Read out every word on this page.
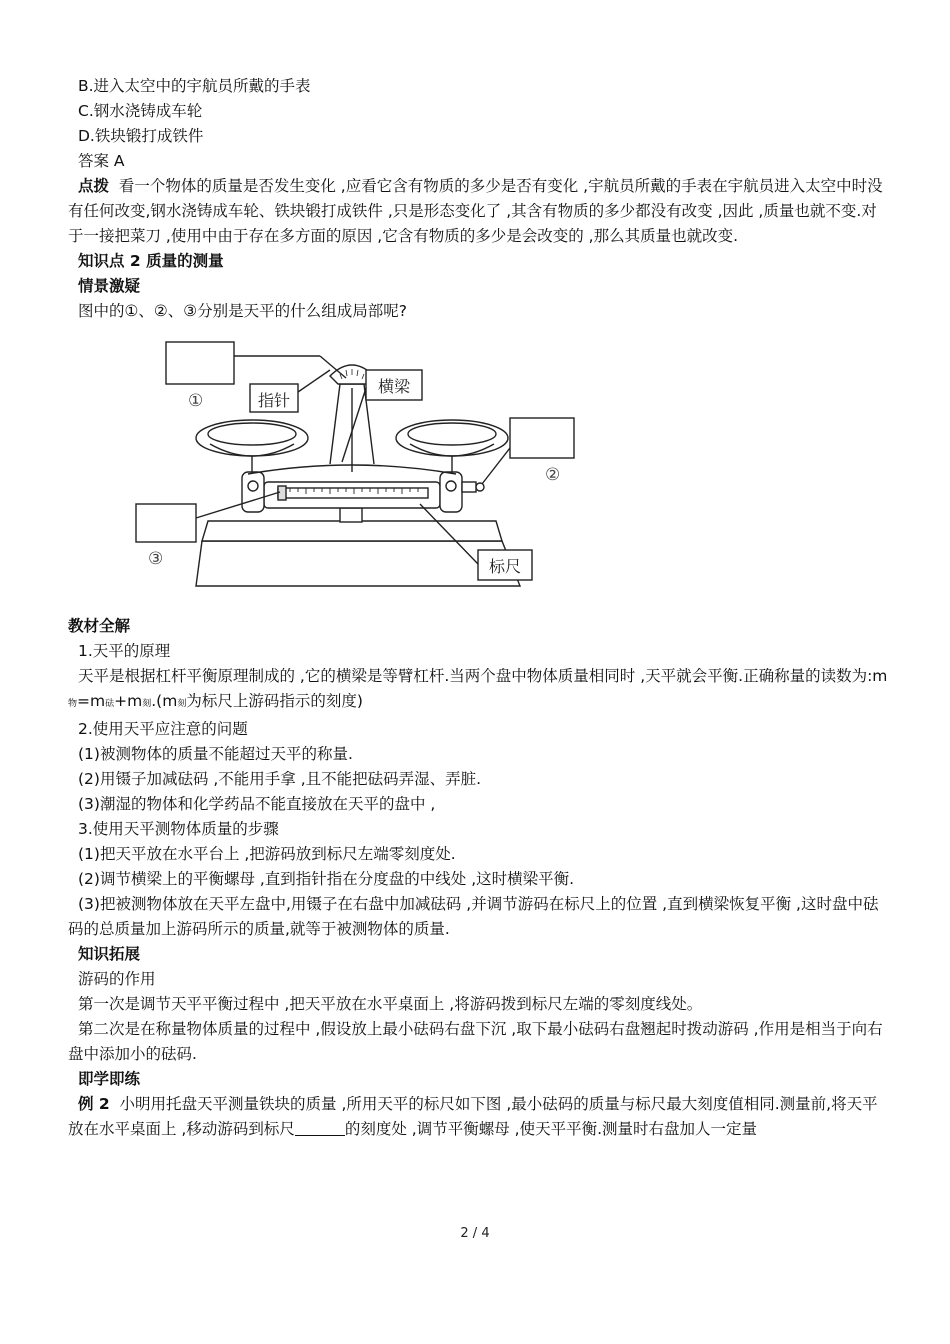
B.进入太空中的宇航员所戴的手表

C.钢水浇铸成车轮

D.铁块锻打成铁件

答案 A

点拨 看一个物体的质量是否发生变化 ,应看它含有物质的多少是否有变化 ,宇航员所戴的手表在宇航员进入太空中时没有任何改变,钢水浇铸成车轮、铁块锻打成铁件 ,只是形态变化了 ,其含有物质的多少都没有改变 ,因此 ,质量也就不变.对于一接把菜刀 ,使用中由于存在多方面的原因 ,它含有物质的多少是会改变的 ,那么其质量也就改变.

知识点 2 质量的测量

情景激疑

图中的①、②、③分别是天平的什么组成局部呢?

指针
横梁
标尺
①
②
③

教材全解

1.天平的原理

天平是根据杠杆平衡原理制成的 ,它的横梁是等臂杠杆.当两个盘中物体质量相同时 ,天平就会平衡.正确称量的读数为:m物=m砝+m刻.(m刻为标尺上游码指示的刻度)

2.使用天平应注意的问题

(1)被测物体的质量不能超过天平的称量.

(2)用镊子加减砝码 ,不能用手拿 ,且不能把砝码弄湿、弄脏.

(3)潮湿的物体和化学药品不能直接放在天平的盘中 ,

3.使用天平测物体质量的步骤

(1)把天平放在水平台上 ,把游码放到标尺左端零刻度处.

(2)调节横梁上的平衡螺母 ,直到指针指在分度盘的中线处 ,这时横梁平衡.

(3)把被测物体放在天平左盘中,用镊子在右盘中加减砝码 ,并调节游码在标尺上的位置 ,直到横梁恢复平衡 ,这时盘中砝码的总质量加上游码所示的质量,就等于被测物体的质量.

知识拓展

游码的作用

第一次是调节天平平衡过程中 ,把天平放在水平桌面上 ,将游码拨到标尺左端的零刻度线处。

第二次是在称量物体质量的过程中 ,假设放上最小砝码右盘下沉 ,取下最小砝码右盘翘起时拨动游码 ,作用是相当于向右盘中添加小的砝码.

即学即练

例 2 小明用托盘天平测量铁块的质量 ,所用天平的标尺如下图 ,最小砝码的质量与标尺最大刻度值相同.测量前,将天平放在水平桌面上 ,移动游码到标尺	的刻度处 ,调节平衡螺母 ,使天平平衡.测量时右盘加人一定量

2 / 4
